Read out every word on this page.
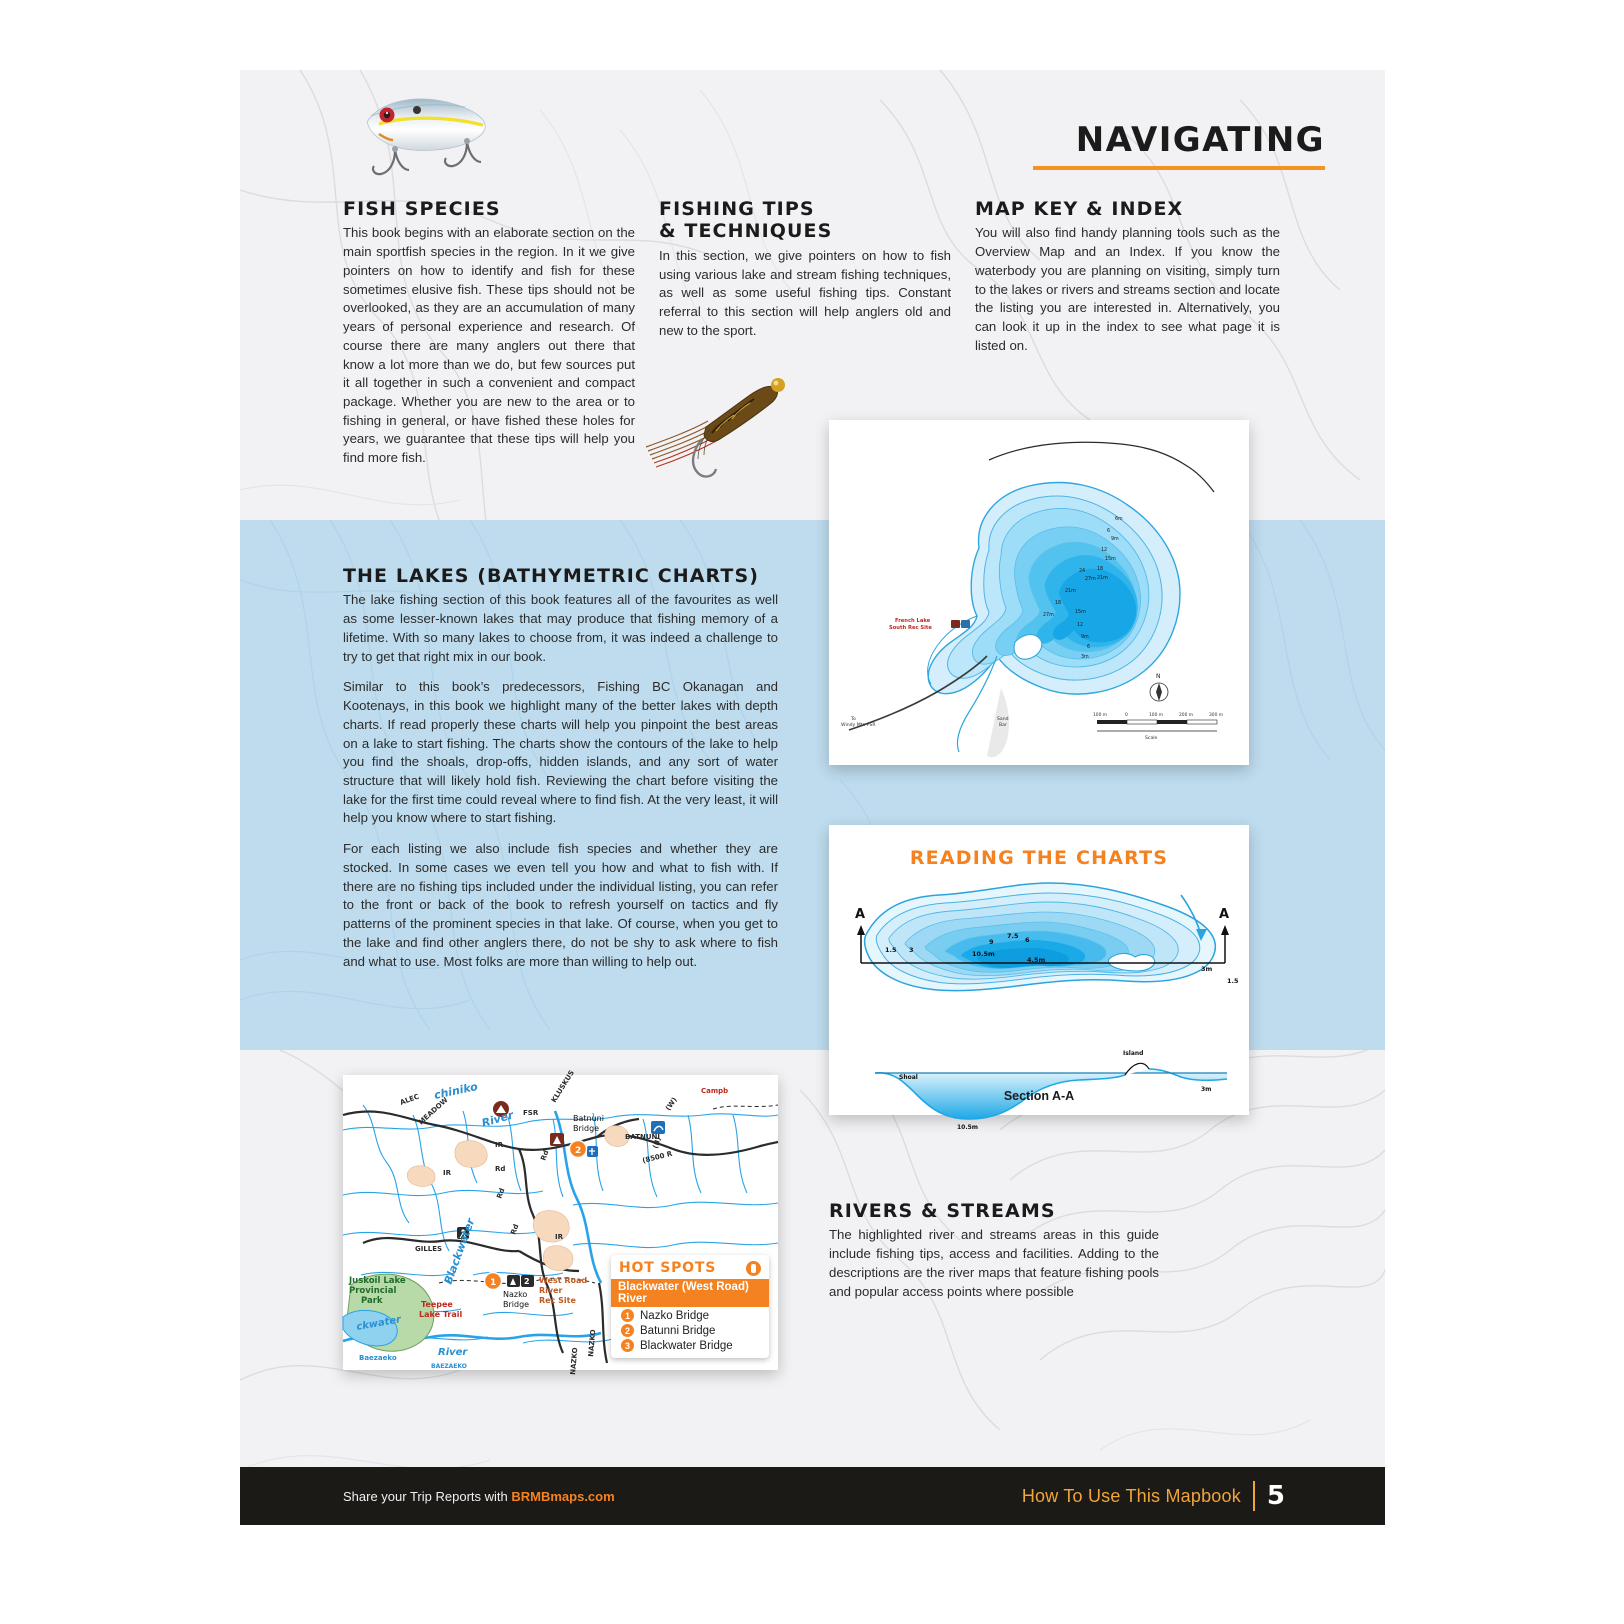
NAVIGATING
FISH SPECIES

This book begins with an elaborate section on the main sportfish species in the region. In it we give pointers on how to identify and fish for these sometimes elusive fish. These tips should not be overlooked, as they are an accumulation of many years of personal experience and research. Of course there are many anglers out there that know a lot more than we do, but few sources put it all together in such a convenient and compact package. Whether you are new to the area or to fishing in general, or have fished these holes for years, we guarantee that these tips will help you find more fish.

FISHING TIPS
& TECHNIQUES

In this section, we give pointers on how to fish using various lake and stream fishing techniques, as well as some useful fishing tips. Constant referral to this section will help anglers old and new to the sport.

MAP KEY & INDEX

You will also find handy planning tools such as the Overview Map and an Index. If you know the waterbody you are planning on visiting, simply turn to the lakes or rivers and streams section and locate the listing you are interested in. Alternatively, you can look it up in the index to see what page it is listed on.

THE LAKES (BATHYMETRIC CHARTS)

The lake fishing section of this book features all of the favourites as well as some lesser-known lakes that may produce that fishing memory of a lifetime. With so many lakes to choose from, it was indeed a challenge to try to get that right mix in our book.

Similar to this book’s predecessors, Fishing BC Okanagan and Kootenays, in this book we highlight many of the better lakes with depth charts. If read properly these charts will help you pinpoint the best areas on a lake to start fishing. The charts show the contours of the lake to help you find the shoals, drop-offs, hidden islands, and any sort of water structure that will likely hold fish. Reviewing the chart before visiting the lake for the first time could reveal where to find fish. At the very least, it will help you know where to start fishing.

For each listing we also include fish species and whether they are stocked. In some cases we even tell you how and what to fish with. If there are no fishing tips included under the individual listing, you can refer to the front or back of the book to refresh yourself on tactics and fly patterns of the prominent species in that lake. Of course, when you get to the lake and find other anglers there, do not be shy to ask where to fish and what to use. Most folks are more than willing to help out.

RIVERS & STREAMS

The highlighted river and streams areas in this guide include fishing tips, access and facilities. Adding to the descriptions are the river maps that feature fishing pools and popular access points where possible

Sand
Bar
To
Windy Mtn FSR
French Lake
South Rec Site
6m
6
9m
12
15m
18
21m
24
27m
21m
18
27m
15m
12
9m
6
3m
N
100 m	0	100 m	200 m	300 m
Scale
READING THE CHARTS
A	A
1.5 3
9
7.5 6
10.5m
4.5m
3m
1.5
Island
Shoal
10.5m
3m
Section A-A
2
2
1
chiniko
River
Blackwater
River
ckwater
Baezaeko
BAEZAEKO
ALEC
MEADOW	FSR
KLUSKUS
BATNUNI
(II)
(W)
GILLES
IR
IR
IR
Rd
Rd
Rd
Rd
NAZKO
NAZKO
(8500 R
Batnuni
Bridge
Nazko
Bridge
Juskoil Lake
Provincial
Park	Teepee
Lake Trail
West Road
River
Rec Site
Campb
HOT SPOTS
Blackwater (West Road) River
1 Nazko Bridge
2 Batunni Bridge
3 Blackwater Bridge
Share your Trip Reports with BRMBmaps.com	How To Use This Mapbook 5
